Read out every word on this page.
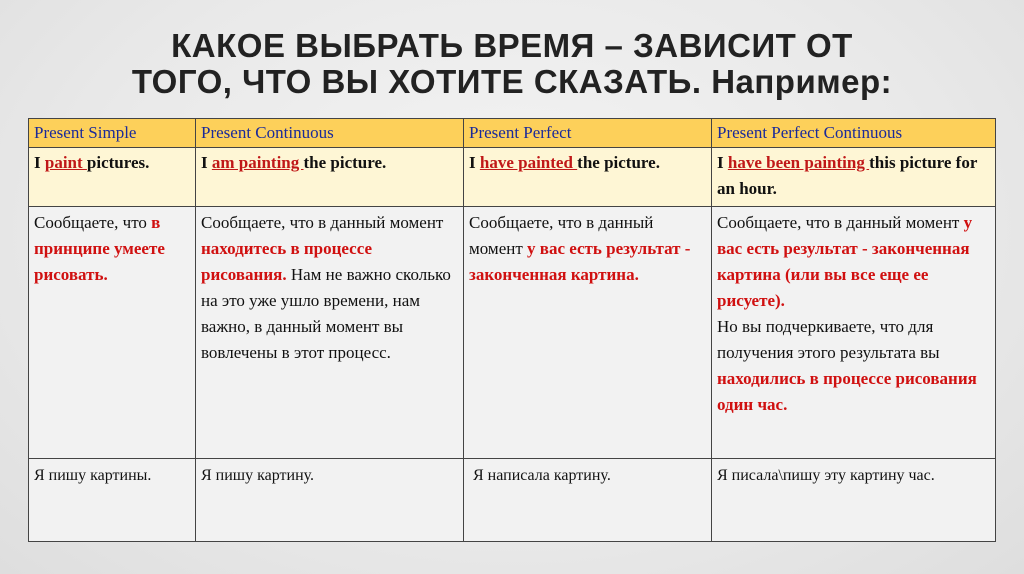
КАКОЕ ВЫБРАТЬ ВРЕМЯ – ЗАВИСИТ ОТ
ТОГО, ЧТО ВЫ ХОТИТЕ СКАЗАТЬ. Например:
Present Simple	Present Continuous	Present Perfect	Present Perfect Continuous
I paint pictures.	I am painting the picture.	I have painted the picture.	I have been painting this picture for an hour.
Сообщаете, что в принципе умеете рисовать.	Сообщаете, что в данный момент находитесь в процессе рисования. Нам не важно сколько на это уже ушло времени, нам важно, в данный момент вы вовлечены в этот процесс.	Сообщаете, что в данный момент у вас есть результат - законченная картина.	Сообщаете, что в данный момент у вас есть результат - законченная картина (или вы все еще ее рисуете).
Но вы подчеркиваете, что для получения этого результата вы находились в процессе рисования один час.
Я пишу картины.	Я пишу картину.	Я написала картину.	Я писала\пишу эту картину час.
